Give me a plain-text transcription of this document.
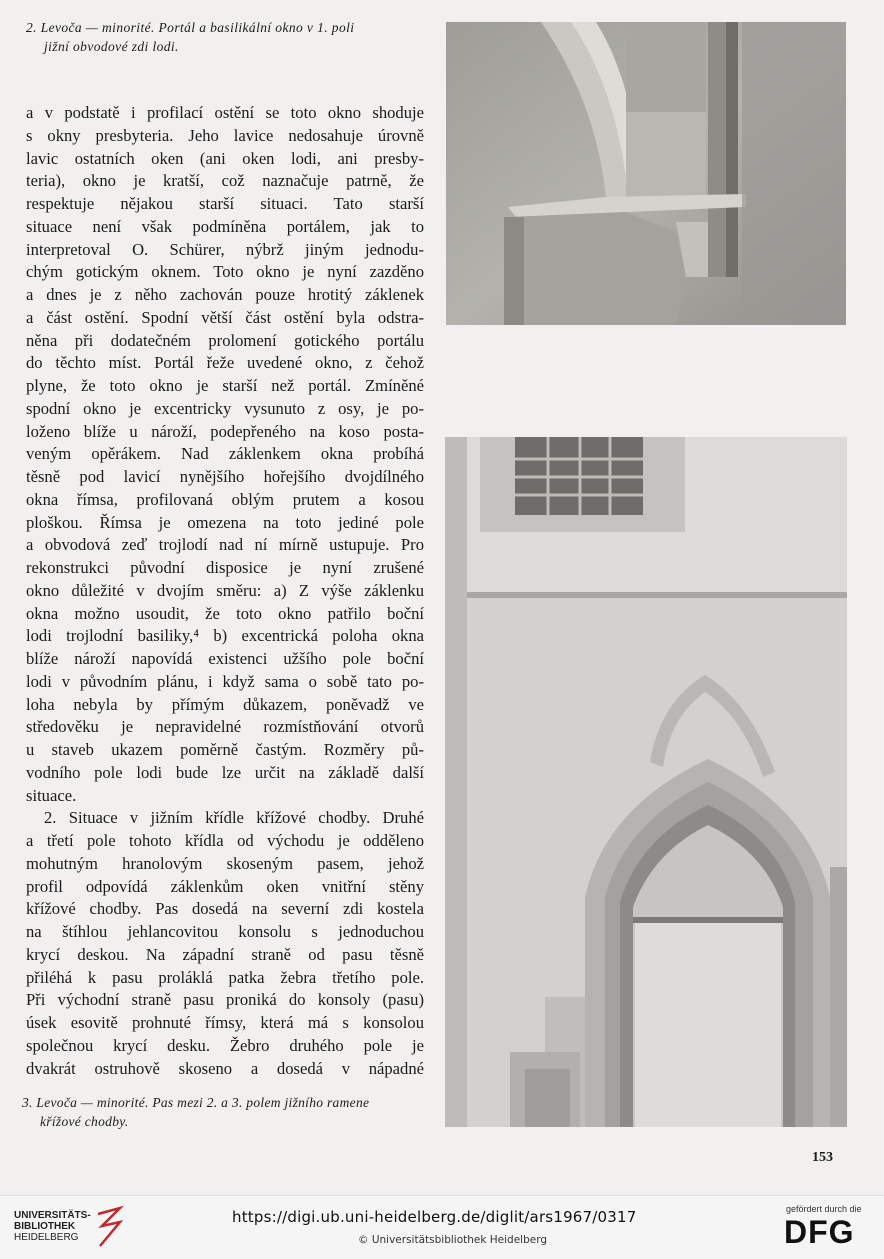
2. Levoča — minorité. Portál a basilikální okno v 1. poli
jižní obvodové zdi lodi.
a v podstatě i profilací ostění se toto okno shoduje
s okny presbyteria. Jeho lavice nedosahuje úrovně
lavic ostatních oken (ani oken lodi, ani presby-
teria), okno je kratší, což naznačuje patrně, že
respektuje nějakou starší situaci. Tato starší
situace není však podmíněna portálem, jak to
interpretoval O. Schürer, nýbrž jiným jednodu-
chým gotickým oknem. Toto okno je nyní zazděno
a dnes je z něho zachován pouze hrotitý záklenek
a část ostění. Spodní větší část ostění byla odstra-
něna při dodatečném prolomení gotického portálu
do těchto míst. Portál řeže uvedené okno, z čehož
plyne, že toto okno je starší než portál. Zmíněné
spodní okno je excentricky vysunuto z osy, je po-
loženo blíže u nároží, podepřeného na koso posta-
veným opěrákem. Nad záklenkem okna probíhá
těsně pod lavicí nynějšího hořejšího dvojdílného
okna římsa, profilovaná oblým prutem a kosou
ploškou. Římsa je omezena na toto jediné pole
a obvodová zeď trojlodí nad ní mírně ustupuje. Pro
rekonstrukci původní disposice je nyní zrušené
okno důležité v dvojím směru: a) Z výše záklenku
okna možno usoudit, že toto okno patřilo boční
lodi trojlodní basiliky,⁴ b) excentrická poloha okna
blíže nároží napovídá existenci užšího pole boční
lodi v původním plánu, i když sama o sobě tato po-
loha nebyla by přímým důkazem, poněvadž ve
středověku je nepravidelné rozmístňování otvorů
u staveb ukazem poměrně častým. Rozměry pů-
vodního pole lodi bude lze určit na základě další
situace.
2. Situace v jižním křídle křížové chodby. Druhé
a třetí pole tohoto křídla od východu je odděleno
mohutným hranolovým skoseným pasem, jehož
profil odpovídá záklenkům oken vnitřní stěny
křížové chodby. Pas dosedá na severní zdi kostela
na štíhlou jehlancovitou konsolu s jednoduchou
krycí deskou. Na západní straně od pasu těsně
přiléhá k pasu proláklá patka žebra třetího pole.
Při východní straně pasu proniká do konsoly (pasu)
úsek esovitě prohnuté římsy, která má s konsolou
společnou krycí desku. Žebro druhého pole je
dvakrát ostruhově skoseno a dosedá v nápadné
3. Levoča — minorité. Pas mezi 2. a 3. polem jižního ramene
křížové chodby.
153
UNIVERSITÄTS-
BIBLIOTHEK
HEIDELBERG
https://digi.ub.uni-heidelberg.de/diglit/ars1967/0317
© Universitätsbibliothek Heidelberg
gefördert durch die
DFG
